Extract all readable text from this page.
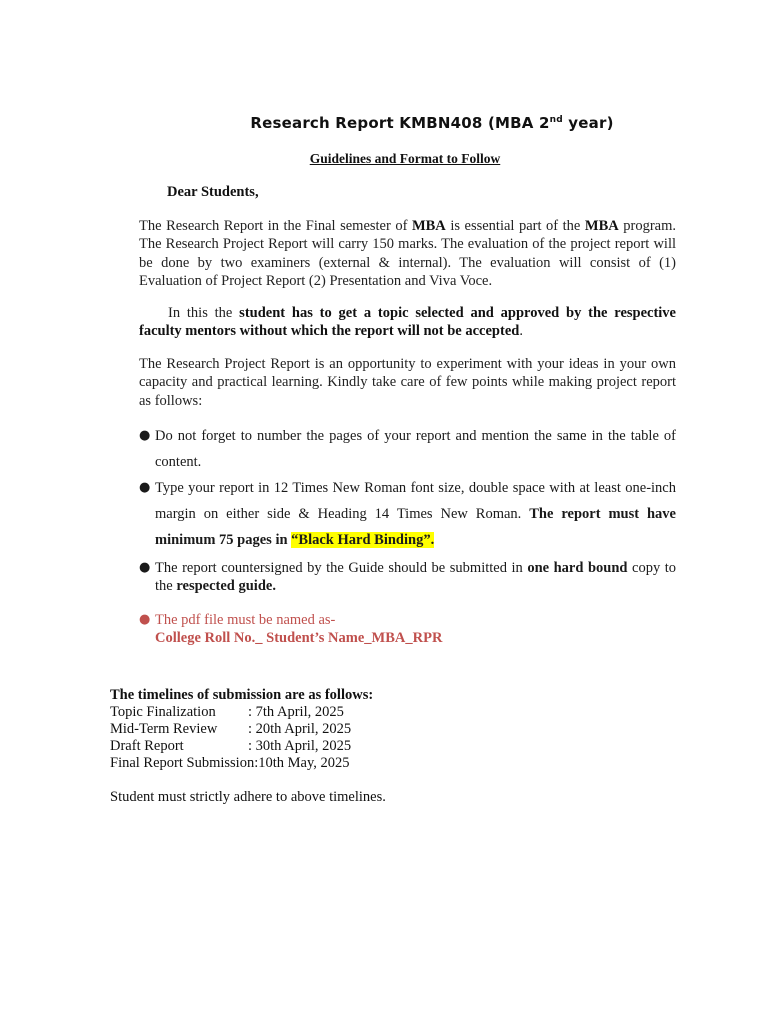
Research Report KMBN408 (MBA 2nd year)
Guidelines and Format to Follow
Dear Students,
The Research Report in the Final semester of MBA is essential part of the MBA program. The Research Project Report will carry 150 marks. The evaluation of the project report will be done by two examiners (external & internal). The evaluation will consist of (1) Evaluation of Project Report (2) Presentation and Viva Voce.
In this the student has to get a topic selected and approved by the respective faculty mentors without which the report will not be accepted.
The Research Project Report is an opportunity to experiment with your ideas in your own capacity and practical learning. Kindly take care of few points while making project report as follows:
● Do not forget to number the pages of your report and mention the same in the table of content.
● Type your report in 12 Times New Roman font size, double space with at least one-inch margin on either side & Heading 14 Times New Roman. The report must have minimum 75 pages in “Black Hard Binding”.
● The report countersigned by the Guide should be submitted in one hard bound copy to the respected guide.
● The pdf file must be named as-
College Roll No._ Student’s Name_MBA_RPR
The timelines of submission are as follows:
Topic Finalization	: 7th April, 2025
Mid-Term Review	: 20th April, 2025
Draft Report	: 30th April, 2025
Final Report Submission: 10th May, 2025
Student must strictly adhere to above timelines.
